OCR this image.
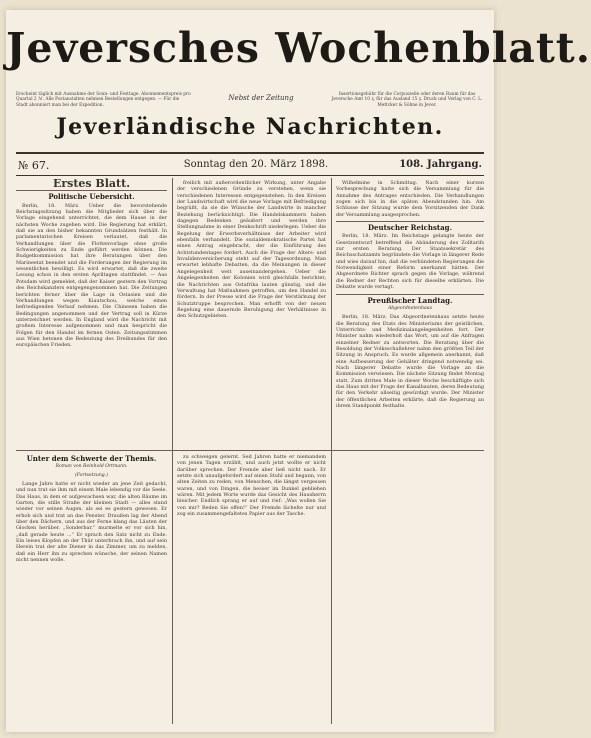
Jeversches Wochenblatt.
Erscheint täglich mit Ausnahme der Sonn- und Festtage. Abonnementspreis pro Quartal 2 ℳ. Alle Postanstalten nehmen Bestellungen entgegen. — Für die Stadt abonniert man bei der Expedition.
Nebst der Zeitung	Insertionsgebühr für die Corpuszeile oder deren Raum für das Jeversche Amt 10 ₰, für das Ausland 15 ₰. Druck und Verlag von C. L. Mettcker & Söhne in Jever.
Jeverländische Nachrichten.
№ 67.	Sonntag den 20. März 1898.	108. Jahrgang.
Erstes Blatt.
Politische Uebersicht.

Berlin, 18. März. Ueber die bevorstehende Reichstagssitzung haben die Mitglieder sich über die Vorlage eingehend unterrichtet, die dem Hause in der nächsten Woche zugehen wird. Die Regierung hat erklärt, daß sie an den bisher bekannten Grundsätzen festhält. In parlamentarischen Kreisen verlautet, daß die Verhandlungen über die Flottenvorlage ohne große Schwierigkeiten zu Ende geführt werden können. Die Budgetkommission hat ihre Beratungen über den Marineetat beendet und die Forderungen der Regierung im wesentlichen bewilligt. Es wird erwartet, daß die zweite Lesung schon in den ersten Apriltagen stattfindet. — Aus Potsdam wird gemeldet, daß der Kaiser gestern den Vortrag des Reichskanzlers entgegengenommen hat. Die Zeitungen berichten ferner über die Lage in Ostasien und die Verhandlungen wegen Kiautschou, welche einen befriedigenden Verlauf nehmen. Die Chinesen haben die Bedingungen angenommen und der Vertrag soll in Kürze unterzeichnet werden. In England wird die Nachricht mit großem Interesse aufgenommen und man bespricht die Folgen für den Handel im fernen Osten. Zeitungsstimmen aus Wien betonen die Bedeutung des Dreibundes für den europäischen Frieden.

freilich mit außerordentlicher Wirkung, unter Angabe der verschiedenen Gründe zu verstehen, wenn sie verschiedenen Interessen entgegenstehen. In den Kreisen der Landwirtschaft wird die neue Vorlage mit Befriedigung begrüßt, da sie die Wünsche der Landwirte in mancher Beziehung berücksichtigt. Die Handelskammern haben dagegen Bedenken geäußert und werden ihre Stellungnahme in einer Denkschrift niederlegen. Ueber die Regelung der Erwerbsverhältnisse der Arbeiter wird ebenfalls verhandelt. Die sozialdemokratische Partei hat einen Antrag eingebracht, der die Einführung des Achtstundentages fordert. Auch die Frage der Alters- und Invalidenversicherung steht auf der Tagesordnung. Man erwartet lebhafte Debatten, da die Meinungen in dieser Angelegenheit weit auseinandergehen. Ueber die Angelegenheiten der Kolonien wird gleichfalls berichtet; die Nachrichten aus Ostafrika lauten günstig, und die Verwaltung hat Maßnahmen getroffen, um den Handel zu fördern. In der Presse wird die Frage der Verstärkung der Schutztruppe besprochen. Man erhofft von der neuen Regelung eine dauernde Beruhigung der Verhältnisse in den Schutzgebieten.

Wilhelmine in Schmittag. Nach einer kurzen Vorbesprechung hatte sich die Versammlung für die Annahme des Antrages entschieden. Die Verhandlungen zogen sich bis in die späten Abendstunden hin. Am Schlusse der Sitzung wurde dem Vorsitzenden der Dank der Versammlung ausgesprochen.

Deutscher Reichstag.

Berlin, 18. März. Im Reichstage gelangte heute der Gesetzentwurf betreffend die Abänderung des Zolltarifs zur ersten Beratung. Der Staatssekretär des Reichsschatzamts begründete die Vorlage in längerer Rede und wies darauf hin, daß die verbündeten Regierungen die Notwendigkeit einer Reform anerkannt hätten. Der Abgeordnete Richter sprach gegen die Vorlage, während die Redner der Rechten sich für dieselbe erklärten. Die Debatte wurde vertagt.

Preußischer Landtag.
Abgeordnetenhaus

Berlin, 18. März. Das Abgeordnetenhaus setzte heute die Beratung des Etats des Ministeriums der geistlichen, Unterrichts- und Medizinalangelegenheiten fort. Der Minister nahm wiederholt das Wort, um auf die Anfragen einzelner Redner zu antworten. Die Beratung über die Besoldung der Volksschullehrer nahm den größten Teil der Sitzung in Anspruch. Es wurde allgemein anerkannt, daß eine Aufbesserung der Gehälter dringend notwendig sei. Nach längerer Debatte wurde die Vorlage an die Kommission verwiesen. Die nächste Sitzung findet Montag statt. Zum dritten Male in dieser Woche beschäftigte sich das Haus mit der Frage der Kanalbauten, deren Bedeutung für den Verkehr allseitig gewürdigt wurde. Der Minister der öffentlichen Arbeiten erklärte, daß die Regierung an ihrem Standpunkt festhalte.

Unter dem Schwerte der Themis.
Roman von Reinhold Ortmann.
(Fortsetzung.)

Lange Jahre hatte er nicht wieder an jene Zeit gedacht, und nun trat sie ihm mit einem Male lebendig vor die Seele. Das Haus, in dem er aufgewachsen war, die alten Bäume im Garten, die stille Straße der kleinen Stadt — alles stand wieder vor seinen Augen, als sei es gestern gewesen. Er erhob sich und trat an das Fenster. Draußen lag der Abend über den Dächern, und aus der Ferne klang das Läuten der Glocken herüber. „Sonderbar,“ murmelte er vor sich hin, „daß gerade heute ...“ Er sprach den Satz nicht zu Ende. Ein leises Klopfen an der Thür unterbrach ihn, und auf sein Herein trat der alte Diener in das Zimmer, um zu melden, daß ein Herr ihn zu sprechen wünsche, der seinen Namen nicht nennen wolle.

zu schweigen gelernt. Seit Jahren hatte er niemandem von jenen Tagen erzählt, und auch jetzt wollte er nicht darüber sprechen. Der Fremde aber ließ nicht nach. Er setzte sich unaufgefordert auf einen Stuhl und begann, von alten Zeiten zu reden, von Menschen, die längst vergessen waren, und von Dingen, die besser im Dunkel geblieben wären. Mit jedem Worte wurde das Gesicht des Hausherrn bleicher. Endlich sprang er auf und rief: „Was wollen Sie von mir? Reden Sie offen!“ Der Fremde lächelte nur und zog ein zusammengefaltetes Papier aus der Tasche.
